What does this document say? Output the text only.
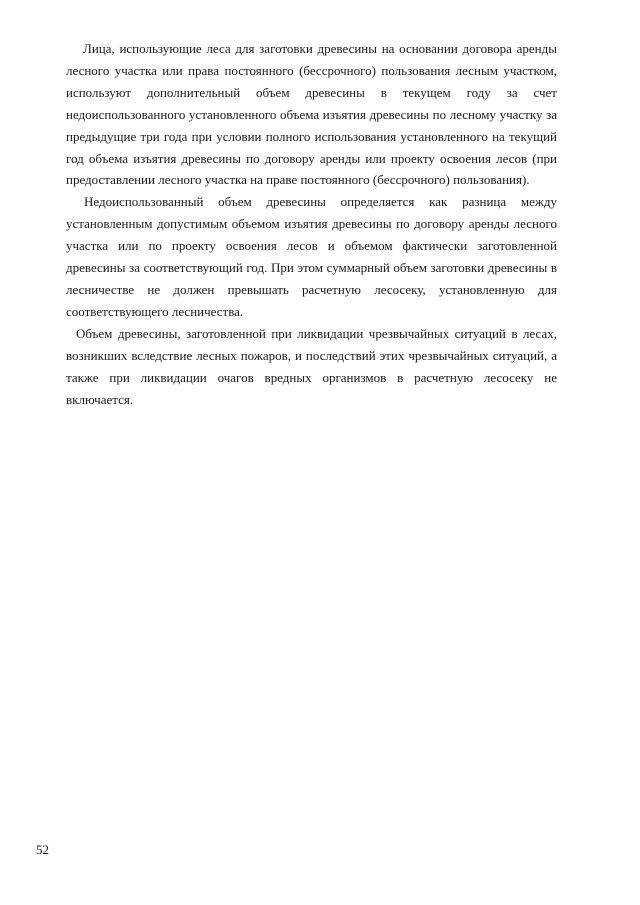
Лица, использующие леса для заготовки древесины на основании договора аренды лесного участка или права постоянного (бессрочного) пользования лесным участком, используют дополнительный объем древесины в текущем году за счет недоиспользованного установленного объема изъятия древесины по лесному участку за предыдущие три года при условии полного использования установленного на текущий год объема изъятия древесины по договору аренды или проекту освоения лесов (при предоставлении лесного участка на праве постоянного (бессрочного) пользования).

Недоиспользованный объем древесины определяется как разница между установленным допустимым объемом изъятия древесины по договору аренды лесного участка или по проекту освоения лесов и объемом фактически заготовленной древесины за соответствующий год. При этом суммарный объем заготовки древесины в лесничестве не должен превышать расчетную лесосеку, установленную для соответствующего лесничества.

Объем древесины, заготовленной при ликвидации чрезвычайных ситуаций в лесах, возникших вследствие лесных пожаров, и последствий этих чрезвычайных ситуаций, а также при ликвидации очагов вредных организмов в расчетную лесосеку не включается.

52
